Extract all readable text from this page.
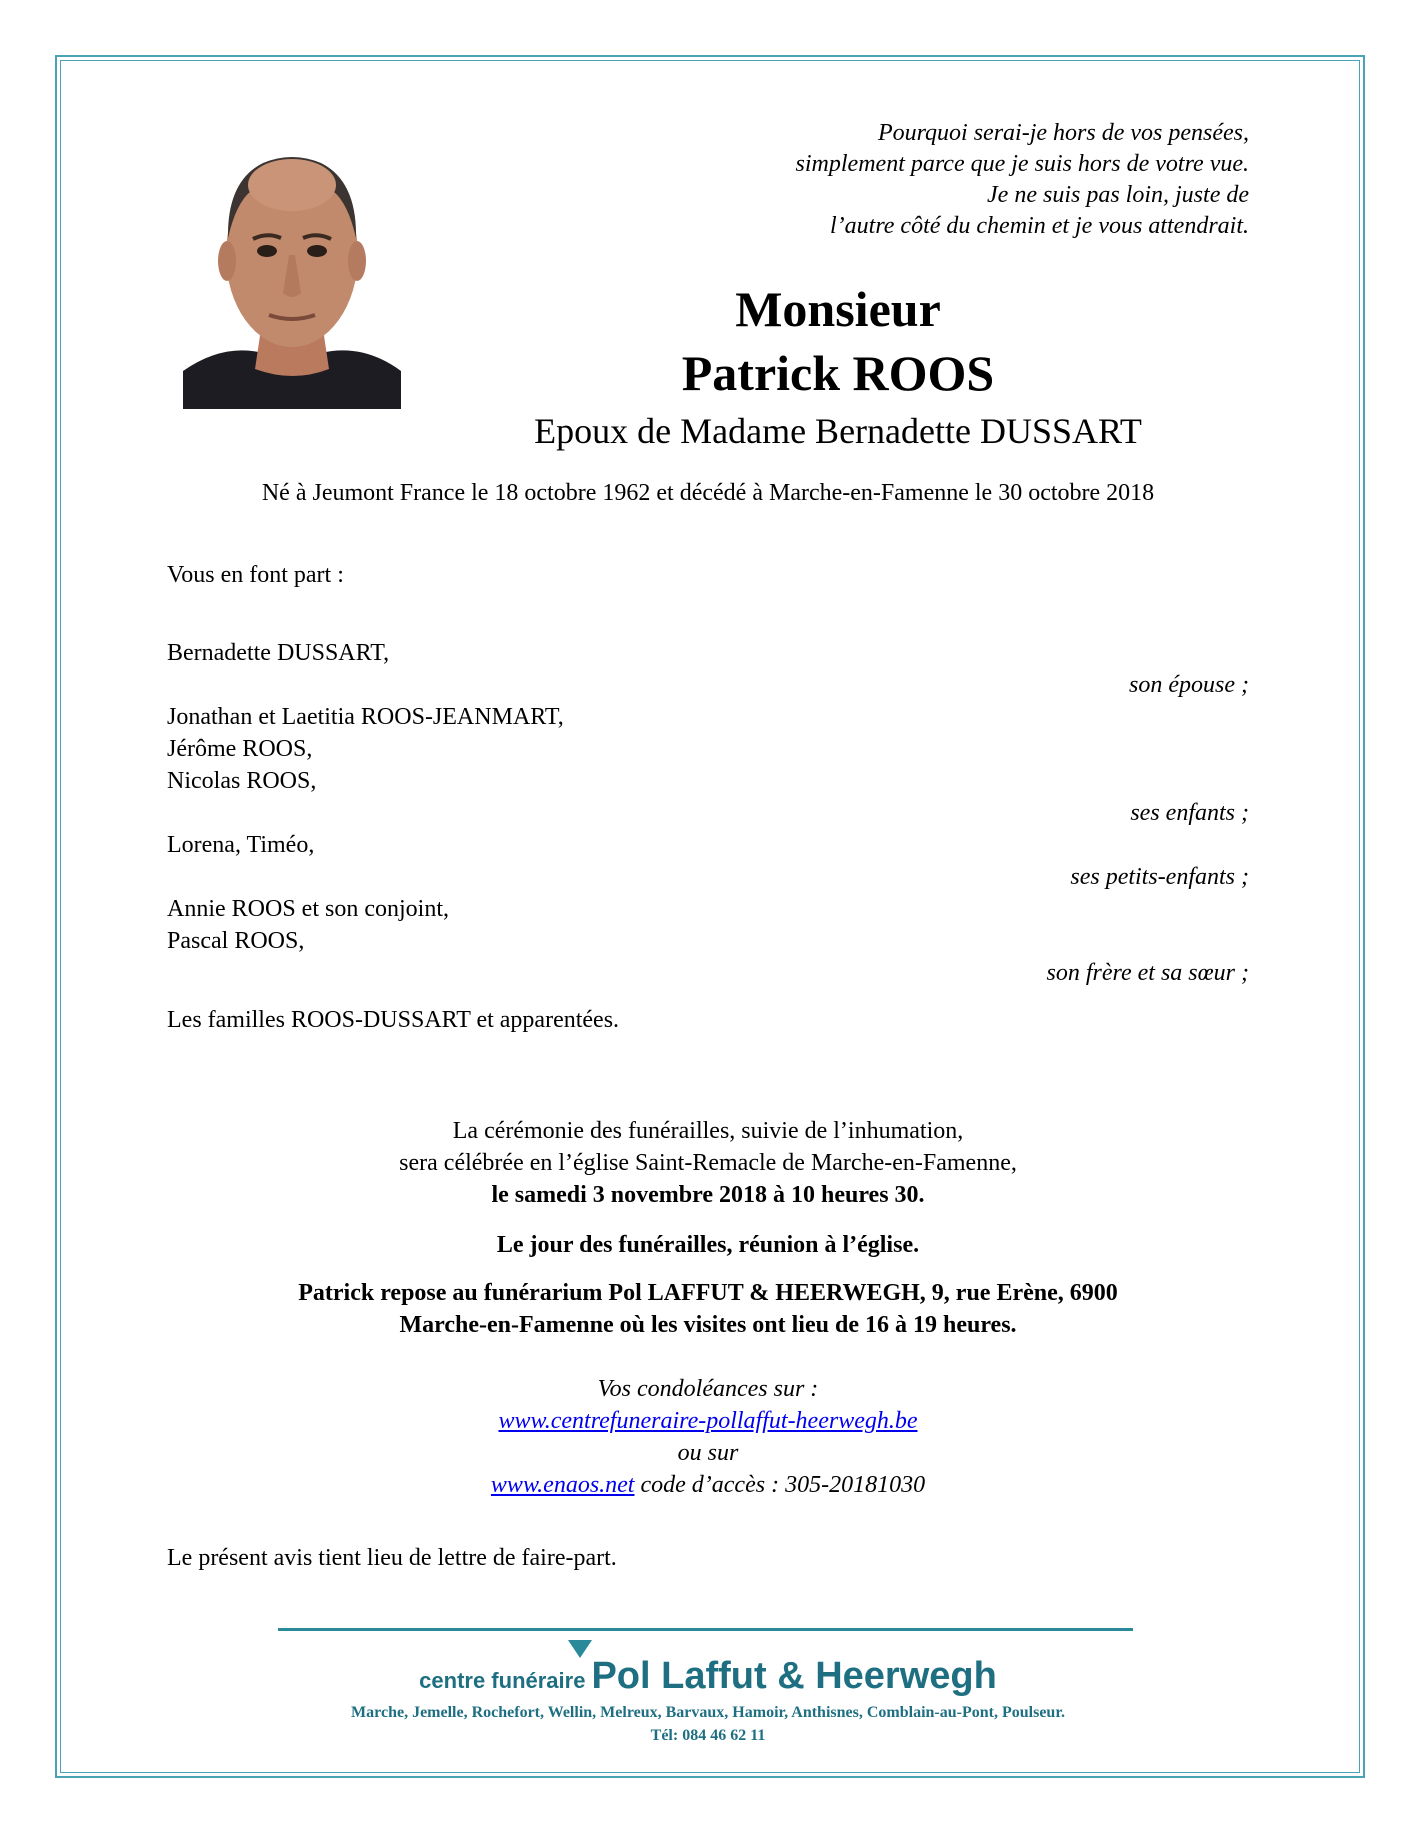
Pourquoi serai-je hors de vos pensées,
simplement parce que je suis hors de votre vue.
Je ne suis pas loin, juste de
l’autre côté du chemin et je vous attendrait.
Monsieur
Patrick ROOS
Epoux de Madame Bernadette DUSSART
Né à Jeumont France le 18 octobre 1962 et décédé à Marche-en-Famenne le 30 octobre 2018
Vous en font part :
Bernadette DUSSART,
son épouse ;
Jonathan et Laetitia ROOS-JEANMART,
Jérôme ROOS,
Nicolas ROOS,
ses enfants ;
Lorena, Timéo,
ses petits-enfants ;
Annie ROOS et son conjoint,
Pascal ROOS,
son frère et sa sœur ;
Les familles ROOS-DUSSART et apparentées.
La cérémonie des funérailles, suivie de l’inhumation,
sera célébrée en l’église Saint-Remacle de Marche-en-Famenne,
le samedi 3 novembre 2018 à 10 heures 30.
Le jour des funérailles, réunion à l’église.
Patrick repose au funérarium Pol LAFFUT & HEERWEGH, 9, rue Erène, 6900
Marche-en-Famenne où les visites ont lieu de 16 à 19 heures.
Vos condoléances sur :
www.centrefuneraire-pollaffut-heerwegh.be
ou sur
www.enaos.net code d’accès : 305-20181030
Le présent avis tient lieu de lettre de faire-part.
centre funéraire Pol Laffut & Heerwegh
Marche, Jemelle, Rochefort, Wellin, Melreux, Barvaux, Hamoir, Anthisnes, Comblain-au-Pont, Poulseur.
Tél: 084 46 62 11
